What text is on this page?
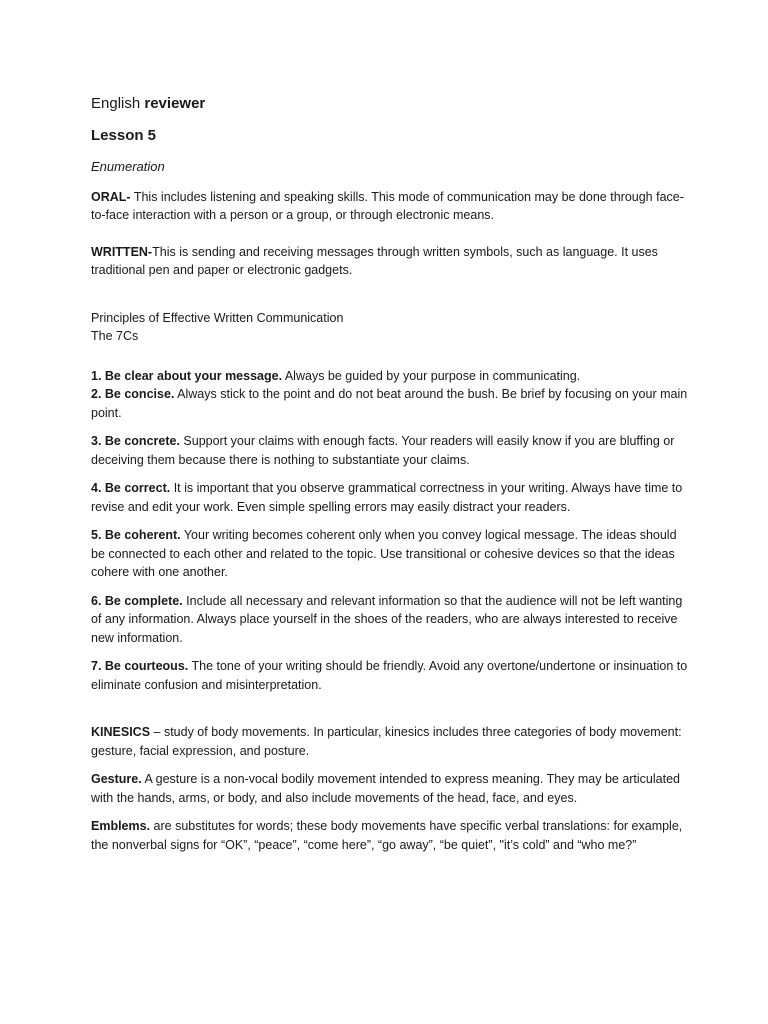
English reviewer
Lesson 5
Enumeration

ORAL- This includes listening and speaking skills. This mode of communication may be done through face-to-face interaction with a person or a group, or through electronic means.

WRITTEN-This is sending and receiving messages through written symbols, such as language. It uses traditional pen and paper or electronic gadgets.

Principles of Effective Written Communication

The 7Cs

1. Be clear about your message. Always be guided by your purpose in communicating.

2. Be concise. Always stick to the point and do not beat around the bush. Be brief by focusing on your main point.

3. Be concrete. Support your claims with enough facts. Your readers will easily know if you are bluffing or deceiving them because there is nothing to substantiate your claims.

4. Be correct. It is important that you observe grammatical correctness in your writing. Always have time to revise and edit your work. Even simple spelling errors may easily distract your readers.

5. Be coherent. Your writing becomes coherent only when you convey logical message. The ideas should be connected to each other and related to the topic. Use transitional or cohesive devices so that the ideas cohere with one another.

6. Be complete. Include all necessary and relevant information so that the audience will not be left wanting of any information. Always place yourself in the shoes of the readers, who are always interested to receive new information.

7. Be courteous. The tone of your writing should be friendly. Avoid any overtone/undertone or insinuation to eliminate confusion and misinterpretation.

KINESICS – study of body movements. In particular, kinesics includes three categories of body movement: gesture, facial expression, and posture.

Gesture. A gesture is a non-vocal bodily movement intended to express meaning. They may be articulated with the hands, arms, or body, and also include movements of the head, face, and eyes.

Emblems. are substitutes for words; these body movements have specific verbal translations: for example, the nonverbal signs for “OK”, “peace”, “come here”, “go away”, “be quiet”, "it’s cold” and “who me?”
